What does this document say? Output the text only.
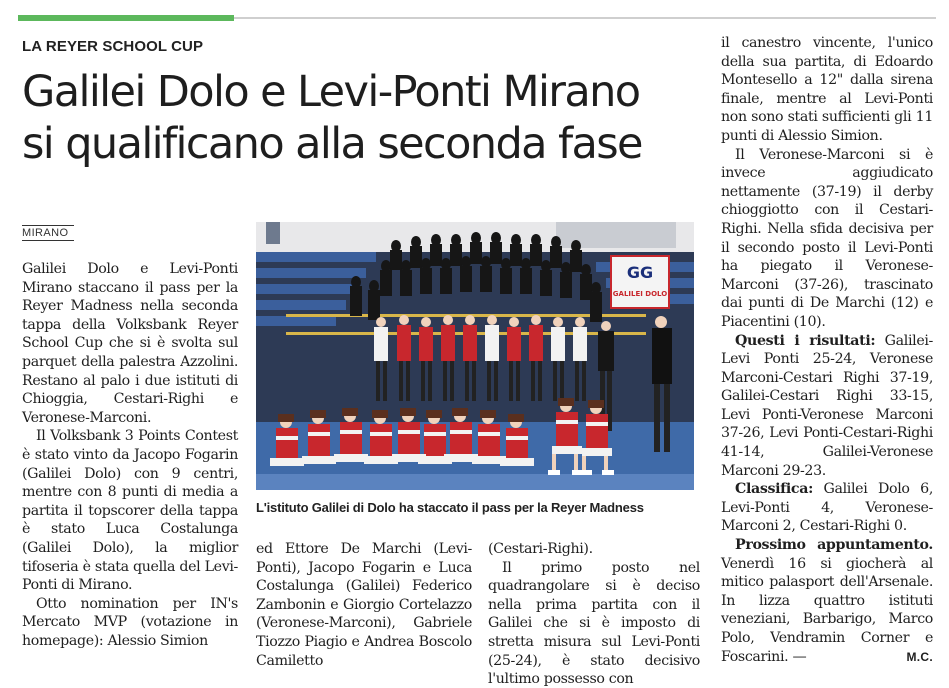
LA REYER SCHOOL CUP
Galilei Dolo e Levi-Ponti Mirano
si qualificano alla seconda fase
MIRANO

Galilei Dolo e Levi-Ponti Mirano staccano il pass per la Reyer Madness nella seconda tappa della Volksbank Reyer School Cup che si è svolta sul parquet della palestra Azzolini. Restano al palo i due istituti di Chioggia, Cestari-Righi e Veronese-Marconi.

Il Volksbank 3 Points Contest è stato vinto da Jacopo Fogarin (Galilei Dolo) con 9 centri, mentre con 8 punti di media a partita il topscorer della tappa è stato Luca Costalunga (Galilei Dolo), la miglior tifoseria è stata quella del Levi-Ponti di Mirano.

Otto nomination per IN's Mercato MVP (votazione in homepage): Alessio Simion

GG
GALILEI DOLO
L'istituto Galilei di Dolo ha staccato il pass per la Reyer Madness

ed Ettore De Marchi (Levi-Ponti), Jacopo Fogarin e Luca Costalunga (Galilei) Federico Zambonin e Giorgio Cortelazzo (Veronese-Marconi), Gabriele Tiozzo Piagio e Andrea Boscolo Camiletto

(Cestari-Righi).

Il primo posto nel quadrangolare si è deciso nella prima partita con il Galilei che si è imposto di stretta misura sul Levi-Ponti (25-24), è stato decisivo l'ultimo possesso con

il canestro vincente, l'unico della sua partita, di Edoardo Montesello a 12" dalla sirena finale, mentre al Levi-Ponti non sono stati sufficienti gli 11 punti di Alessio Simion.

Il Veronese-Marconi si è invece aggiudicato nettamente (37-19) il derby chioggiotto con il Cestari-Righi. Nella sfida decisiva per il secondo posto il Levi-Ponti ha piegato il Veronese-Marconi (37-26), trascinato dai punti di De Marchi (12) e Piacentini (10).

Questi i risultati: Galilei-Levi Ponti 25-24, Veronese Marconi-Cestari Righi 37-19, Galilei-Cestari Righi 33-15, Levi Ponti-Veronese Marconi 37-26, Levi Ponti-Cestari-Righi 41-14, Galilei-Veronese Marconi 29-23.

Classifica: Galilei Dolo 6, Levi-Ponti 4, Veronese-Marconi 2, Cestari-Righi 0.

Prossimo appuntamento. Venerdì 16 si giocherà al mitico palasport dell'Arsenale. In lizza quattro istituti veneziani, Barbarigo, Marco Polo, Vendramin Corner e Foscarini. —	M.C.
